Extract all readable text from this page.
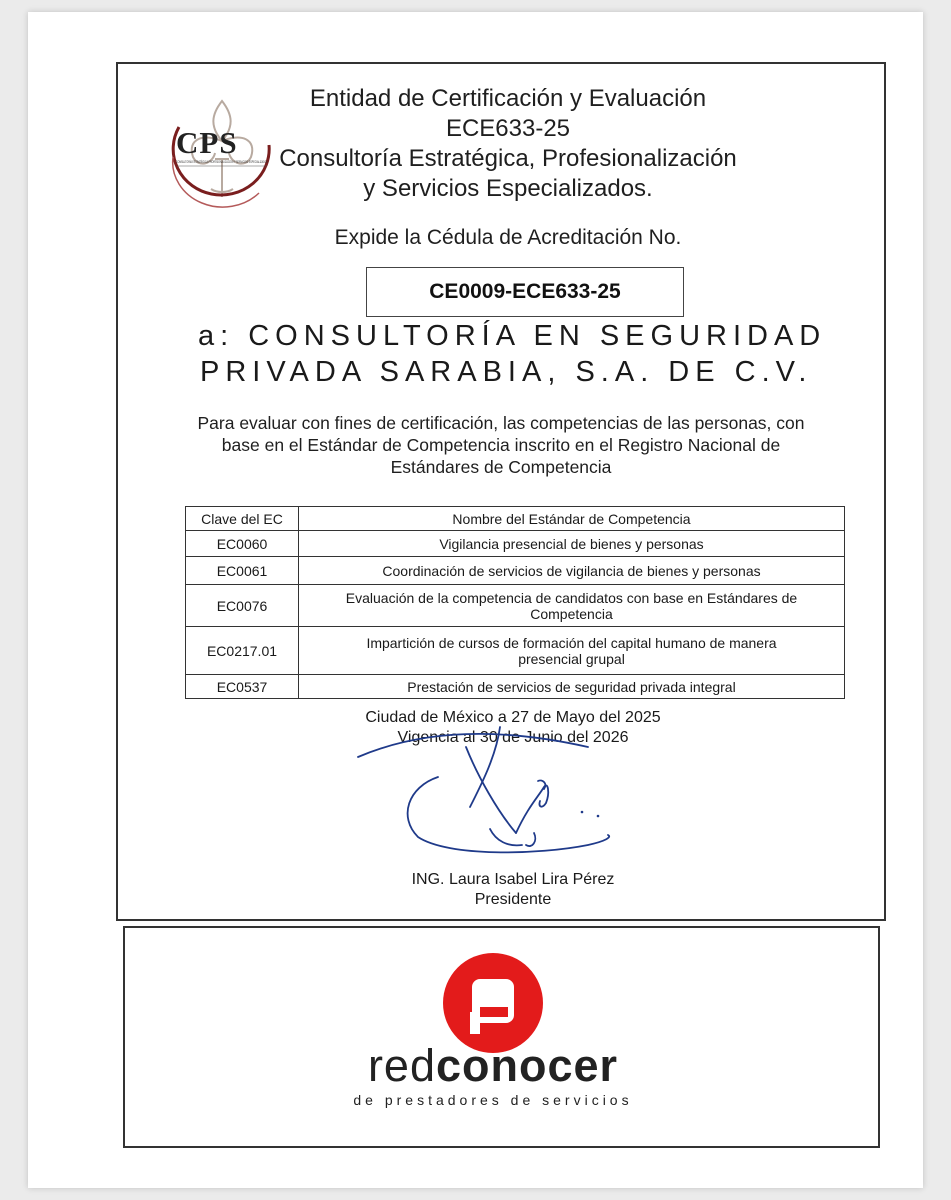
CPS
CONSULTORÍA ESTRATÉGICA PROFESIONALIZACIÓN Y SERVICIOS ESPECIALIZADOS
Entidad de Certificación y Evaluación
ECE633-25
Consultoría Estratégica, Profesionalización
y Servicios Especializados.
Expide la Cédula de Acreditación No.
CE0009-ECE633-25
a: CONSULTORÍA EN SEGURIDAD
PRIVADA SARABIA, S.A. DE C.V.
Para evaluar con fines de certificación, las competencias de las personas, con
base en el Estándar de Competencia inscrito en el Registro Nacional de
Estándares de Competencia
Clave del EC	Nombre del Estándar de Competencia
EC0060	Vigilancia presencial de bienes y personas
EC0061	Coordinación de servicios de vigilancia de bienes y personas
EC0076	Evaluación de la competencia de candidatos con base en Estándares de
Competencia

EC0217.01	Impartición de cursos de formación del capital humano de manera
presencial grupal

EC0537	Prestación de servicios de seguridad privada integral
Ciudad de México a 27 de Mayo del 2025
Vigencia al 30 de Junio del 2026
ING. Laura Isabel Lira Pérez
Presidente
redconocer
de prestadores de servicios
